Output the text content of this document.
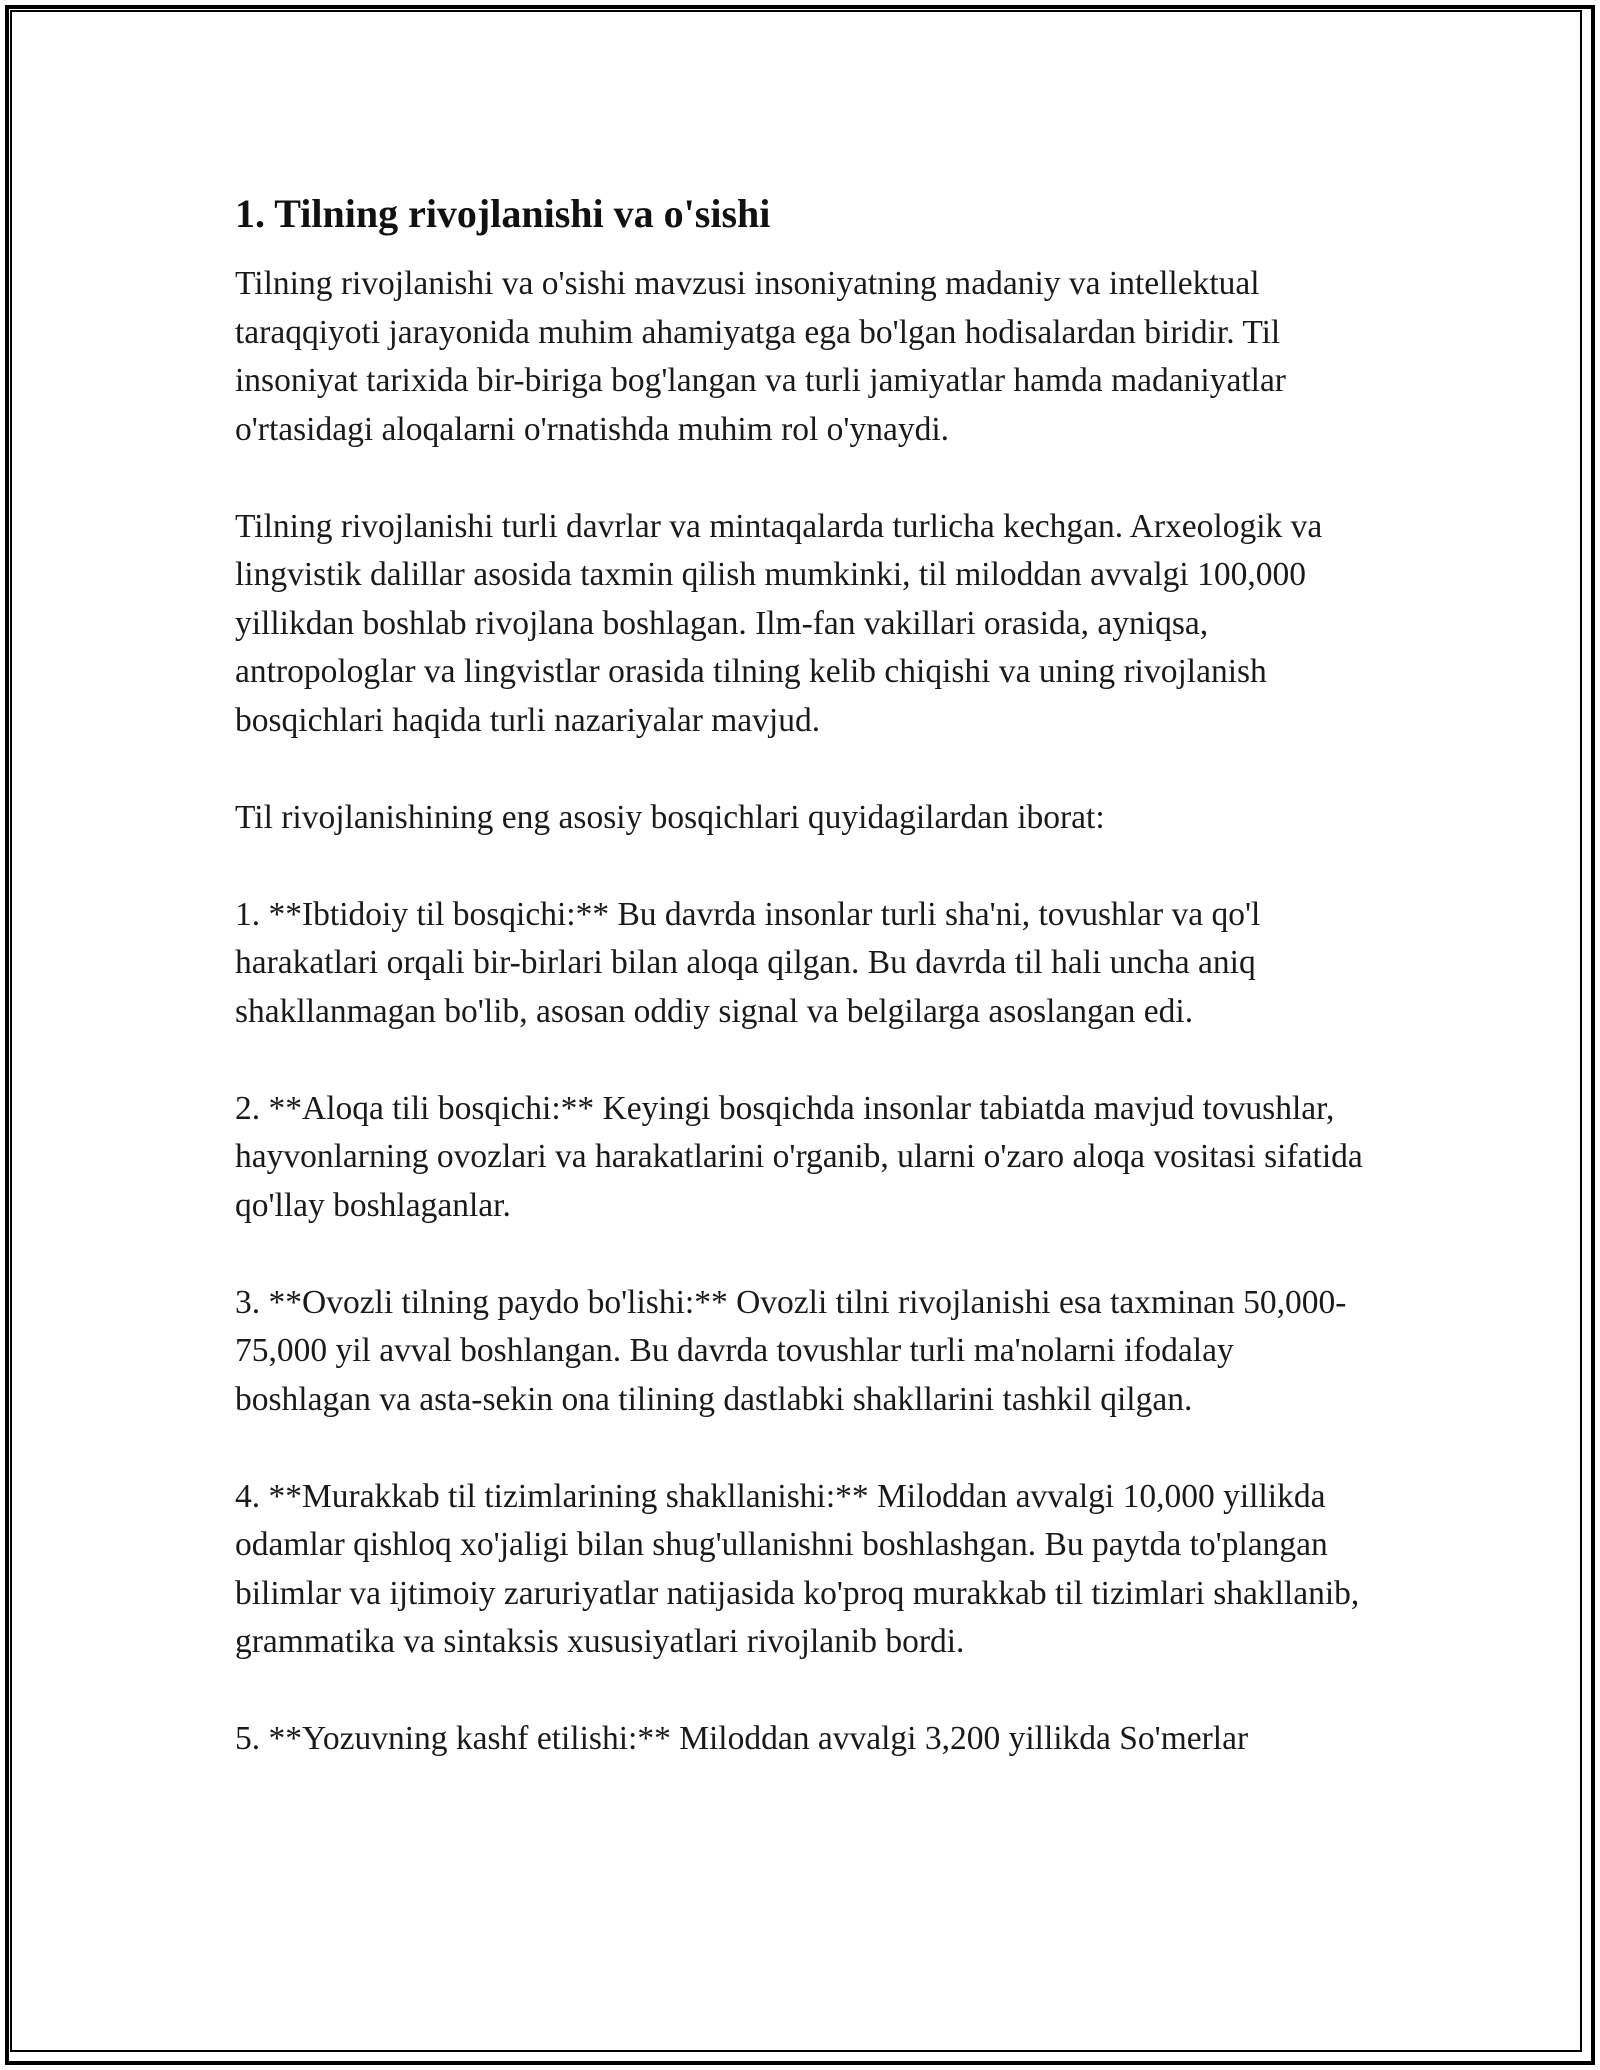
1. Tilning rivojlanishi va o'sishi

Tilning rivojlanishi va o'sishi mavzusi insoniyatning madaniy va intellektual taraqqiyoti jarayonida muhim ahamiyatga ega bo'lgan hodisalardan biridir. Til insoniyat tarixida bir-biriga bog'langan va turli jamiyatlar hamda madaniyatlar o'rtasidagi aloqalarni o'rnatishda muhim rol o'ynaydi.

Tilning rivojlanishi turli davrlar va mintaqalarda turlicha kechgan. Arxeologik va lingvistik dalillar asosida taxmin qilish mumkinki, til miloddan avvalgi 100,000 yillikdan boshlab rivojlana boshlagan. Ilm-fan vakillari orasida, ayniqsa, antropologlar va lingvistlar orasida tilning kelib chiqishi va uning rivojlanish bosqichlari haqida turli nazariyalar mavjud.

Til rivojlanishining eng asosiy bosqichlari quyidagilardan iborat:

1. **Ibtidoiy til bosqichi:** Bu davrda insonlar turli sha'ni, tovushlar va qo'l harakatlari orqali bir-birlari bilan aloqa qilgan. Bu davrda til hali uncha aniq shakllanmagan bo'lib, asosan oddiy signal va belgilarga asoslangan edi.

2. **Aloqa tili bosqichi:** Keyingi bosqichda insonlar tabiatda mavjud tovushlar, hayvonlarning ovozlari va harakatlarini o'rganib, ularni o'zaro aloqa vositasi sifatida qo'llay boshlaganlar.

3. **Ovozli tilning paydo bo'lishi:** Ovozli tilni rivojlanishi esa taxminan 50,000-75,000 yil avval boshlangan. Bu davrda tovushlar turli ma'nolarni ifodalay boshlagan va asta-sekin ona tilining dastlabki shakllarini tashkil qilgan.

4. **Murakkab til tizimlarining shakllanishi:** Miloddan avvalgi 10,000 yillikda odamlar qishloq xo'jaligi bilan shug'ullanishni boshlashgan. Bu paytda to'plangan bilimlar va ijtimoiy zaruriyatlar natijasida ko'proq murakkab til tizimlari shakllanib, grammatika va sintaksis xususiyatlari rivojlanib bordi.

5. **Yozuvning kashf etilishi:** Miloddan avvalgi 3,200 yillikda So'merlar
